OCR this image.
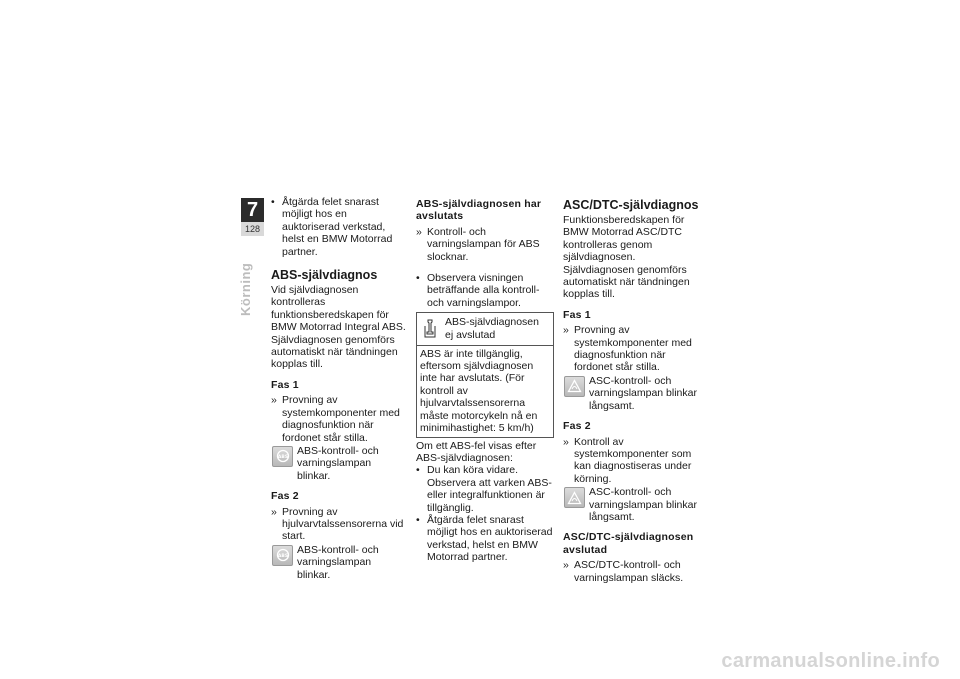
7
128
Körning
• Åtgärda felet snarast möjligt hos en auktoriserad verkstad, helst en BMW Motorrad partner.

ABS-självdiagnos

Vid självdiagnosen kontrolleras funktionsberedskapen för BMW Motorrad Integral ABS. Självdiagnosen genomförs automatiskt när tändningen kopplas till.

Fas 1

» Provning av systemkomponenter med diagnosfunktion när fordonet står stilla.
ABS
ABS-kontroll- och varningslampan blinkar.

Fas 2

» Provning av hjulvarvtalssensorerna vid start.
ABS
ABS-kontroll- och varningslampan blinkar.

ABS-självdiagnosen har avslutats

» Kontroll- och varningslampan för ABS slocknar.
• Observera visningen beträffande alla kontroll- och varningslampor.
ABS-självdiagnosen ej avslutad
ABS är inte tillgänglig, eftersom självdiagnosen inte har avslutats. (För kontroll av hjulvarvtalssensorerna måste motorcykeln nå en minimihastighet: 5 km/h)

Om ett ABS-fel visas efter ABS-självdiagnosen:

• Du kan köra vidare. Observera att varken ABS- eller integralfunktionen är tillgänglig.
• Åtgärda felet snarast möjligt hos en auktoriserad verkstad, helst en BMW Motorrad partner.

ASC/DTC-självdiagnos

Funktionsberedskapen för BMW Motorrad ASC/DTC kontrolleras genom självdiagnosen. Självdiagnosen genomförs automatiskt när tändningen kopplas till.

Fas 1

» Provning av systemkomponenter med diagnosfunktion när fordonet står stilla.
ASC-kontroll- och varningslampan blinkar långsamt.

Fas 2

» Kontroll av systemkomponenter som kan diagnostiseras under körning.
ASC-kontroll- och varningslampan blinkar långsamt.

ASC/DTC-självdiagnosen avslutad

» ASC/DTC-kontroll- och varningslampan släcks.
carmanualsonline.info
